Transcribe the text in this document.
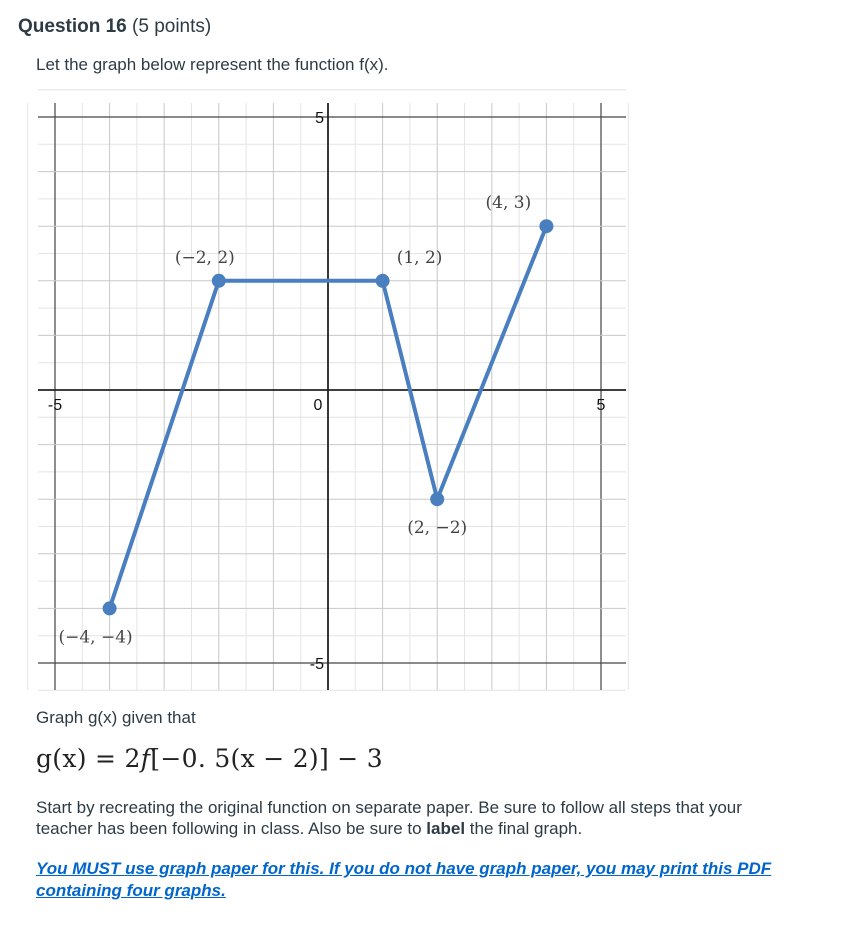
Question 16 (5 points)
Let the graph below represent the function f(x).
-5	0	5
5
-5
(−4, −4)
(−2, 2)	(1, 2)
(2, −2)
(4, 3)
Graph g(x) given that
g(x) = 2f[−0. 5(x − 2)] − 3
Start by recreating the original function on separate paper. Be sure to follow all steps that your teacher has been following in class. Also be sure to label the final graph.
You MUST use graph paper for this. If you do not have graph paper, you may print this PDF containing four graphs.
